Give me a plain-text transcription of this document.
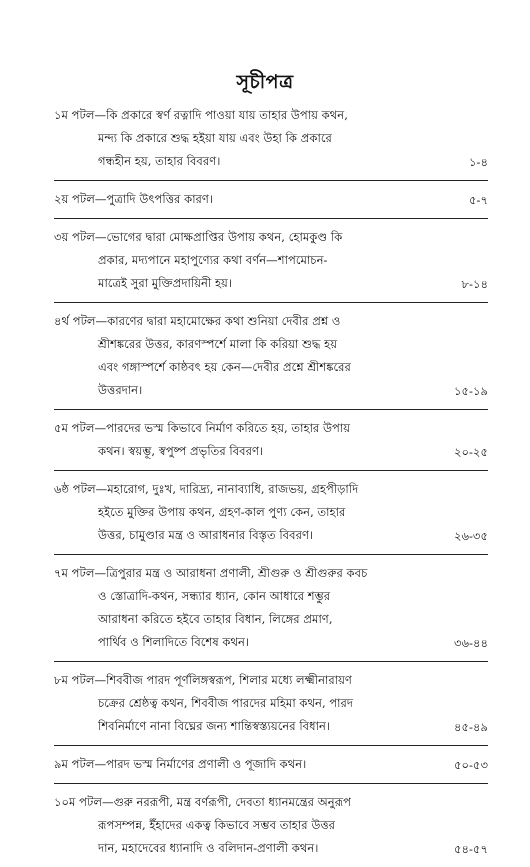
সূচীপত্র
১ম পটল—কি প্রকারে স্বর্ণ রত্নাদি পাওয়া যায় তাহার উপায় কথন,
মন্দ্য কি প্রকারে শুদ্ধ হইয়া যায় এবং উহা কি প্রকারে
গন্ধহীন হয়, তাহার বিবরণ।	১-৪
২য় পটল—পুত্রাদি উৎপত্তির কারণ।	৫-৭
৩য় পটল—ভোগের দ্বারা মোক্ষপ্রাপ্তির উপায় কথন, হোমকুণ্ড কি
প্রকার, মদ্যপানে মহাপুণ্যের কথা বর্ণন—শাপমোচন-
মাত্রেই সুরা মুক্তিপ্রদায়িনী হয়।	৮-১৪
৪র্থ পটল—কারণের দ্বারা মহামোক্ষের কথা শুনিয়া দেবীর প্রশ্ন ও
শ্রীশঙ্করের উত্তর, কারণস্পর্শে মালা কি করিয়া শুদ্ধ হয়
এবং গঙ্গাস্পর্শে কাষ্ঠবৎ হয় কেন—দেবীর প্রশ্নে শ্রীশঙ্করের
উত্তরদান।	১৫-১৯
৫ম পটল—পারদের ভস্ম কিভাবে নির্মাণ করিতে হয়, তাহার উপায়
কথন। স্বয়ম্ভূ, স্বপুষ্প প্রভৃতির বিবরণ।	২০-২৫
৬ষ্ঠ পটল—মহারোগ, দুঃখ, দারিদ্র্য, নানাব্যাধি, রাজভয়, গ্রহপীড়াদি
হইতে মুক্তির উপায় কথন, গ্রহণ-কাল পুণ্য কেন, তাহার
উত্তর, চামুণ্ডার মন্ত্র ও আরাধনার বিস্তৃত বিবরণ।	২৬-৩৫
৭ম পটল—ত্রিপুরার মন্ত্র ও আরাধনা প্রণালী, শ্রীগুরু ও শ্রীগুরুর কবচ
ও স্তোত্রাদি-কথন, সন্ধ্যার ধ্যান, কোন আধারে শম্ভুর
আরাধনা করিতে হইবে তাহার বিধান, লিঙ্গের প্রমাণ,
পার্থিব ও শিলাদিতে বিশেষ কথন।	৩৬-৪৪
৮ম পটল—শিববীজ পারদ পূর্ণলিঙ্গস্বরূপ, শিলার মধ্যে লক্ষ্মীনারায়ণ
চক্রের শ্রেষ্ঠত্ব কথন, শিববীজ পারদের মহিমা কথন, পারদ
শিবনির্মাণে নানা বিঘ্নের জন্য শান্তিস্বস্ত্যয়নের বিধান।	৪৫-৪৯
৯ম পটল—পারদ ভস্ম নির্মাণের প্রণালী ও পূজাদি কথন।	৫০-৫৩
১০ম পটল—গুরু নররূপী, মন্ত্র বর্ণরূপী, দেবতা ধ্যানমন্ত্রের অনুরূপ
রূপসম্পন্ন, ইঁহাদের একত্ব কিভাবে সম্ভব তাহার উত্তর
দান, মহাদেবের ধ্যানাদি ও বলিদান-প্রণালী কথন।	৫৪-৫৭
